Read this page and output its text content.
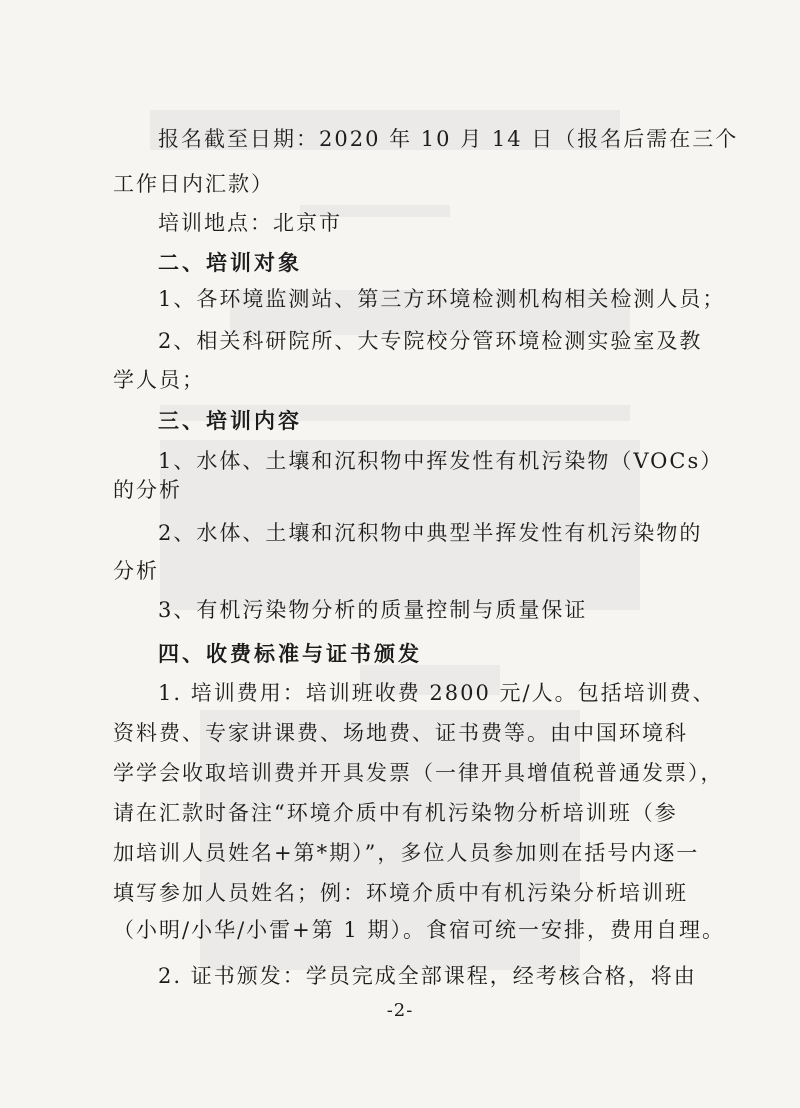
报名截至日期：2020 年 10 月 14 日（报名后需在三个
工作日内汇款）
培训地点：北京市
二、培训对象
1、各环境监测站、第三方环境检测机构相关检测人员；
2、相关科研院所、大专院校分管环境检测实验室及教
学人员；
三、培训内容
1、水体、土壤和沉积物中挥发性有机污染物（VOCs）
的分析
2、水体、土壤和沉积物中典型半挥发性有机污染物的
分析
3、有机污染物分析的质量控制与质量保证
四、收费标准与证书颁发
1. 培训费用：培训班收费 2800 元/人。包括培训费、
资料费、专家讲课费、场地费、证书费等。由中国环境科
学学会收取培训费并开具发票（一律开具增值税普通发票），
请在汇款时备注“环境介质中有机污染物分析培训班（参
加培训人员姓名+第*期）”，多位人员参加则在括号内逐一
填写参加人员姓名；例：环境介质中有机污染分析培训班
（小明/小华/小雷+第 1 期）。食宿可统一安排，费用自理。
2. 证书颁发：学员完成全部课程，经考核合格，将由
-2-
